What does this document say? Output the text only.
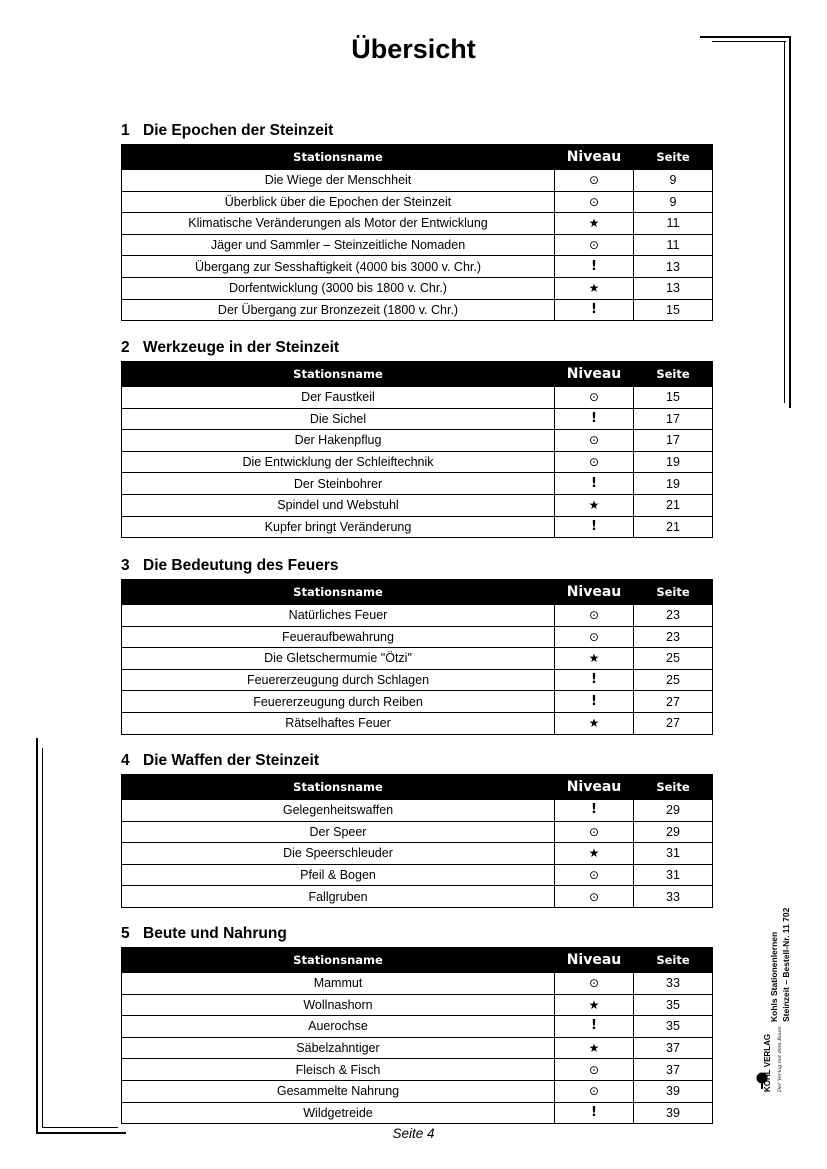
Übersicht
1 Die Epochen der Steinzeit
Stationsname	Niveau	Seite
Die Wiege der Menschheit	⊙	9
Überblick über die Epochen der Steinzeit	⊙	9
Klimatische Veränderungen als Motor der Entwicklung	★	11
Jäger und Sammler – Steinzeitliche Nomaden	⊙	11
Übergang zur Sesshaftigkeit (4000 bis 3000 v. Chr.)	!	13
Dorfentwicklung (3000 bis 1800 v. Chr.)	★	13
Der Übergang zur Bronzezeit (1800 v. Chr.)	!	15
2 Werkzeuge in der Steinzeit
Stationsname	Niveau	Seite
Der Faustkeil	⊙	15
Die Sichel	!	17
Der Hakenpflug	⊙	17
Die Entwicklung der Schleiftechnik	⊙	19
Der Steinbohrer	!	19
Spindel und Webstuhl	★	21
Kupfer bringt Veränderung	!	21
3 Die Bedeutung des Feuers
Stationsname	Niveau	Seite
Natürliches Feuer	⊙	23
Feueraufbewahrung	⊙	23
Die Gletschermumie "Ötzi"	★	25
Feuererzeugung durch Schlagen	!	25
Feuererzeugung durch Reiben	!	27
Rätselhaftes Feuer	★	27
4 Die Waffen der Steinzeit
Stationsname	Niveau	Seite
Gelegenheitswaffen	!	29
Der Speer	⊙	29
Die Speerschleuder	★	31
Pfeil & Bogen	⊙	31
Fallgruben	⊙	33
5 Beute und Nahrung
Stationsname	Niveau	Seite
Mammut	⊙	33
Wollnashorn	★	35
Auerochse	!	35
Säbelzahntiger	★	37
Fleisch & Fisch	⊙	37
Gesammelte Nahrung	⊙	39
Wildgetreide	!	39
Seite 4
Kohls Stationenlernen Steinzeit – Bestell-Nr. 11 702
KOHL VERLAG Der Verlag mit dem Baum
